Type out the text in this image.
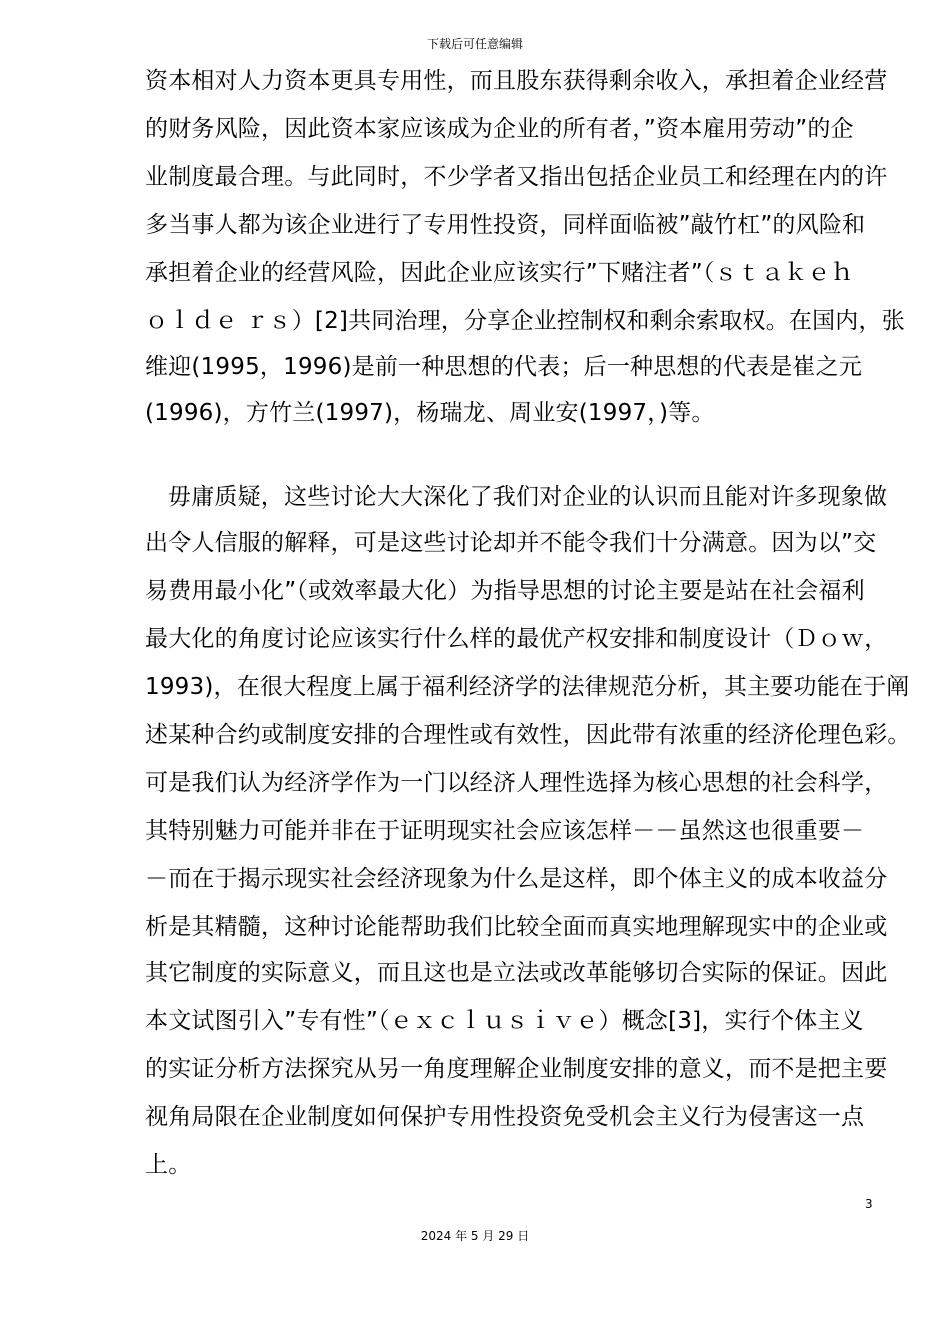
下载后可任意编辑
资本相对人力资本更具专用性，而且股东获得剩余收入，承担着企业经营
的财务风险，因此资本家应该成为企业的所有者，”资本雇用劳动”的企
业制度最合理。与此同时，不少学者又指出包括企业员工和经理在内的许
多当事人都为该企业进行了专用性投资，同样面临被”敲竹杠”的风险和
承担着企业的经营风险，因此企业应该实行”下赌注者”（ｓｔａｋｅｈ
ｏｌｄｅ ｒｓ）[2]共同治理，分享企业控制权和剩余索取权。在国内，张
维迎(1995，1996)是前一种思想的代表；后一种思想的代表是崔之元
(1996)，方竹兰(1997)，杨瑞龙、周业安(1997，)等。
毋庸质疑，这些讨论大大深化了我们对企业的认识而且能对许多现象做
出令人信服的解释，可是这些讨论却并不能令我们十分满意。因为以”交
易费用最小化”（或效率最大化）为指导思想的讨论主要是站在社会福利
最大化的角度讨论应该实行什么样的最优产权安排和制度设计（Ｄｏｗ，
1993)，在很大程度上属于福利经济学的法律规范分析，其主要功能在于阐
述某种合约或制度安排的合理性或有效性，因此带有浓重的经济伦理色彩。
可是我们认为经济学作为一门以经济人理性选择为核心思想的社会科学，
其特别魅力可能并非在于证明现实社会应该怎样－－虽然这也很重要－
－而在于揭示现实社会经济现象为什么是这样，即个体主义的成本收益分
析是其精髓，这种讨论能帮助我们比较全面而真实地理解现实中的企业或
其它制度的实际意义，而且这也是立法或改革能够切合实际的保证。因此
本文试图引入”专有性”（ｅｘｃｌｕｓｉｖｅ）概念[3]，实行个体主义
的实证分析方法探究从另一角度理解企业制度安排的意义，而不是把主要
视角局限在企业制度如何保护专用性投资免受机会主义行为侵害这一点
上。
3
2024 年 5 月 29 日
